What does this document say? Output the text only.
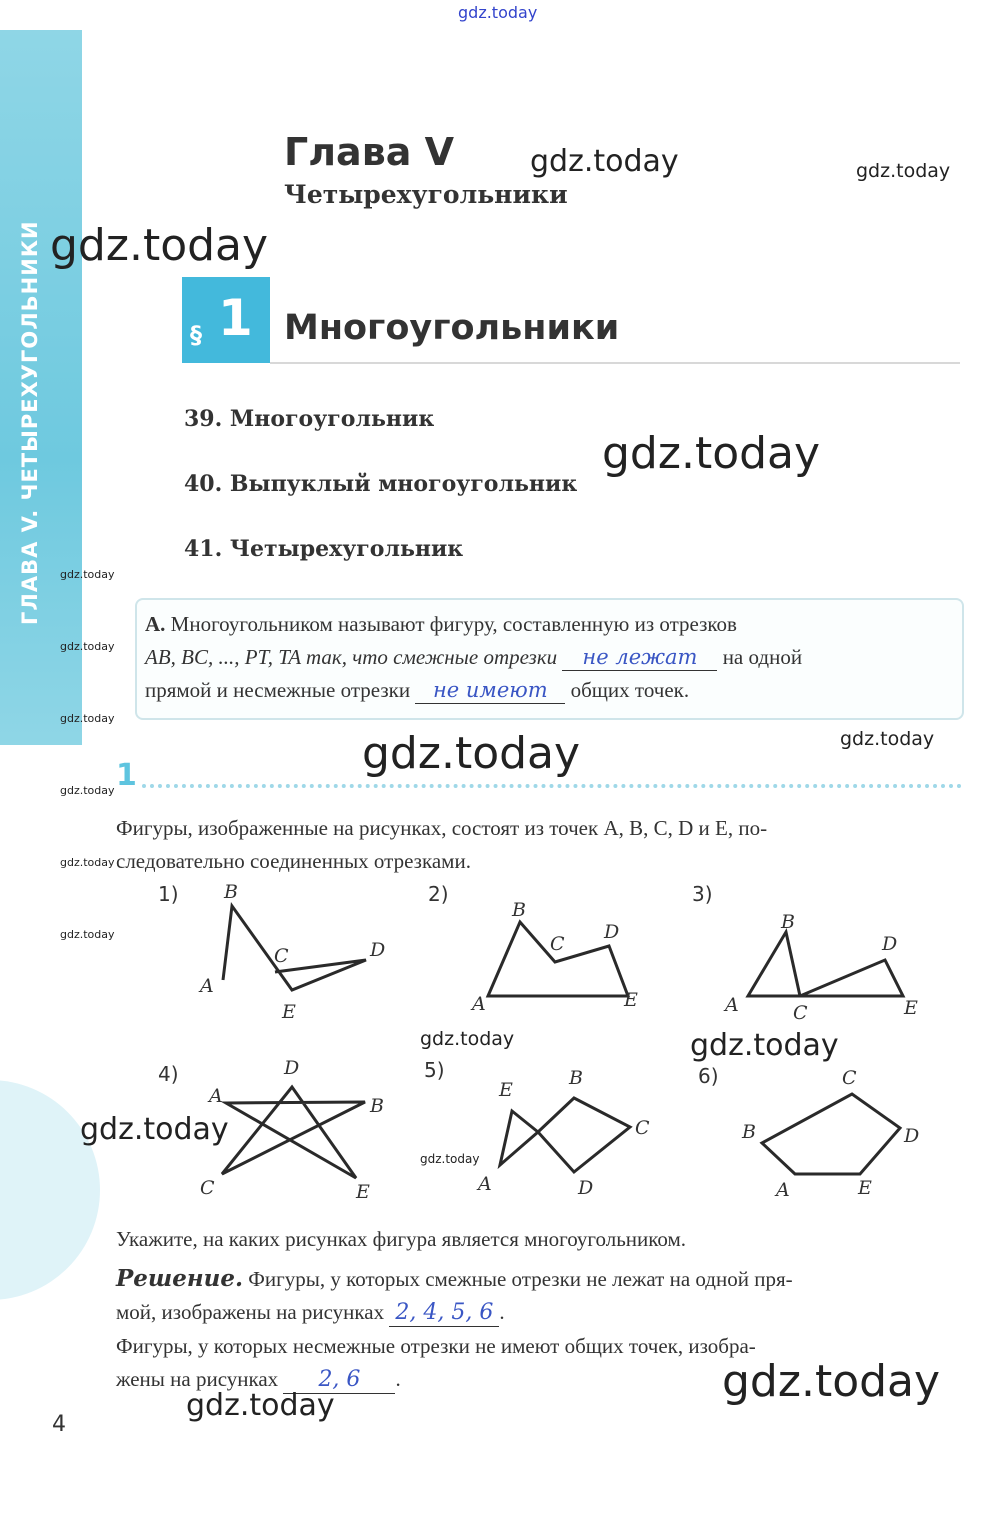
ГЛАВА V. ЧЕТЫРЕХУГОЛЬНИКИ
gdz.today
Глава V
Четырехугольники
§ 1 Многоугольники
39. Многоугольник
40. Выпуклый многоугольник
41. Четырехугольник
А. Многоугольником называют фигуру, составленную из отрезков
AB, BC, ..., PT, TA так, что смежные отрезки не лежат на одной
прямой и несмежные отрезки не имеют общих точек.
1
Фигуры, изображенные на рисунках, состоят из точек A, B, C, D и E, по-
следовательно соединенных отрезками.
1)	2)	3)
4)	5)	6)
B
C	D
A
E
B
C
D
A	E
B
D
A	C	E
D
A	B
C	E
E
B
C
A	D
C
B	D
A	E
Укажите, на каких рисунках фигура является многоугольником.
Решение. Фигуры, у которых смежные отрезки не лежат на одной пря-
мой, изображены на рисунках 2, 4, 5, 6 .
Фигуры, у которых несмежные отрезки не имеют общих точек, изобра-
жены на рисунках 2, 6 .
4
gdz.today	gdz.today
gdz.today
gdz.today
gdz.today	gdz.today
gdz.today	gdz.today
gdz.today
gdz.today
gdz.today
gdz.today
gdz.today
gdz.today
gdz.today
gdz.today
gdz.today
gdz.today
